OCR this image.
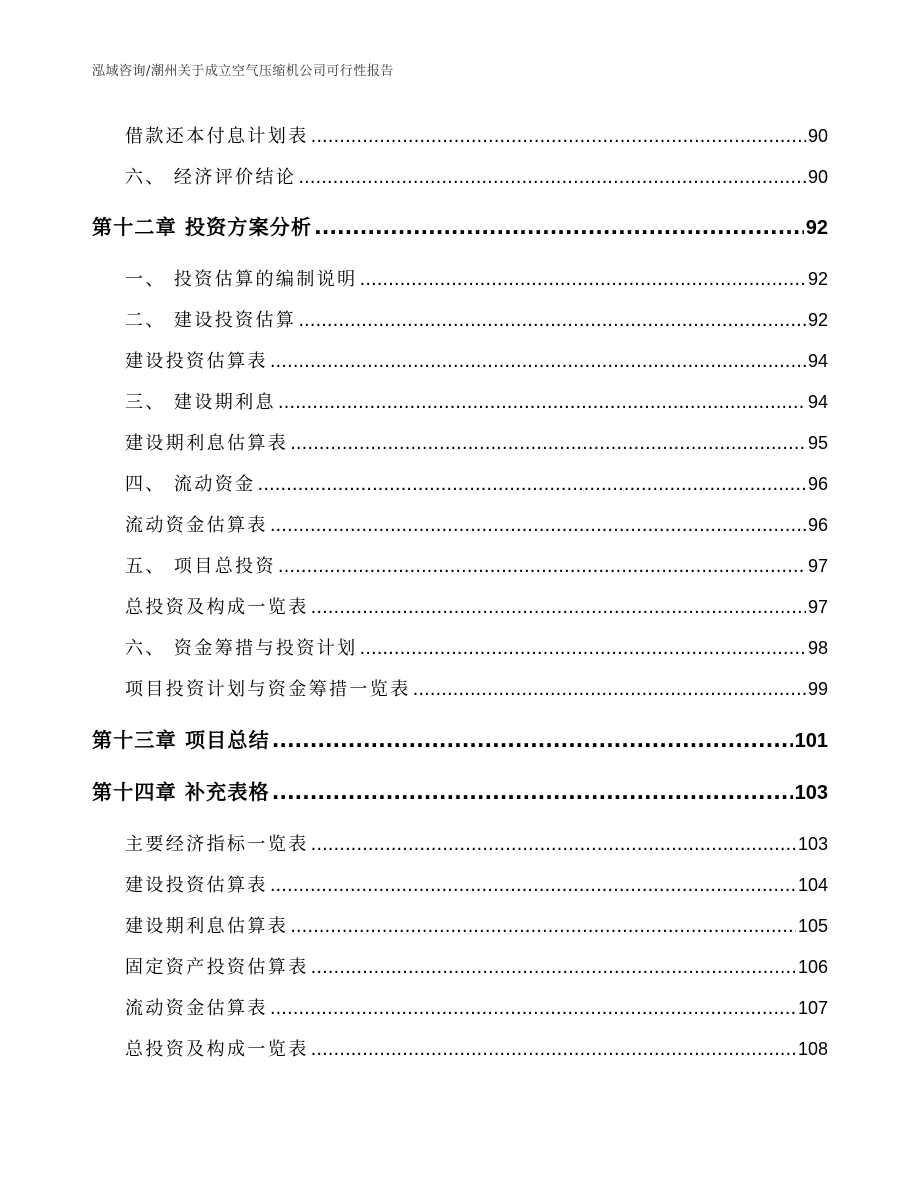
泓域咨询/潮州关于成立空气压缩机公司可行性报告
借款还本付息计划表 .....	90
六、 经济评价结论 .....	90
第十二章 投资方案分析 .....	92
一、 投资估算的编制说明 .....	92
二、 建设投资估算 .....	92
建设投资估算表 .....	94
三、 建设期利息 .....	94
建设期利息估算表 .....	95
四、 流动资金 .....	96
流动资金估算表 .....	96
五、 项目总投资 .....	97
总投资及构成一览表 .....	97
六、 资金筹措与投资计划 .....	98
项目投资计划与资金筹措一览表 .....	99
第十三章 项目总结 .....	101
第十四章 补充表格 .....	103
主要经济指标一览表 .....	103
建设投资估算表 .....	104
建设期利息估算表 .....	105
固定资产投资估算表 .....	106
流动资金估算表 .....	107
总投资及构成一览表 .....	108
